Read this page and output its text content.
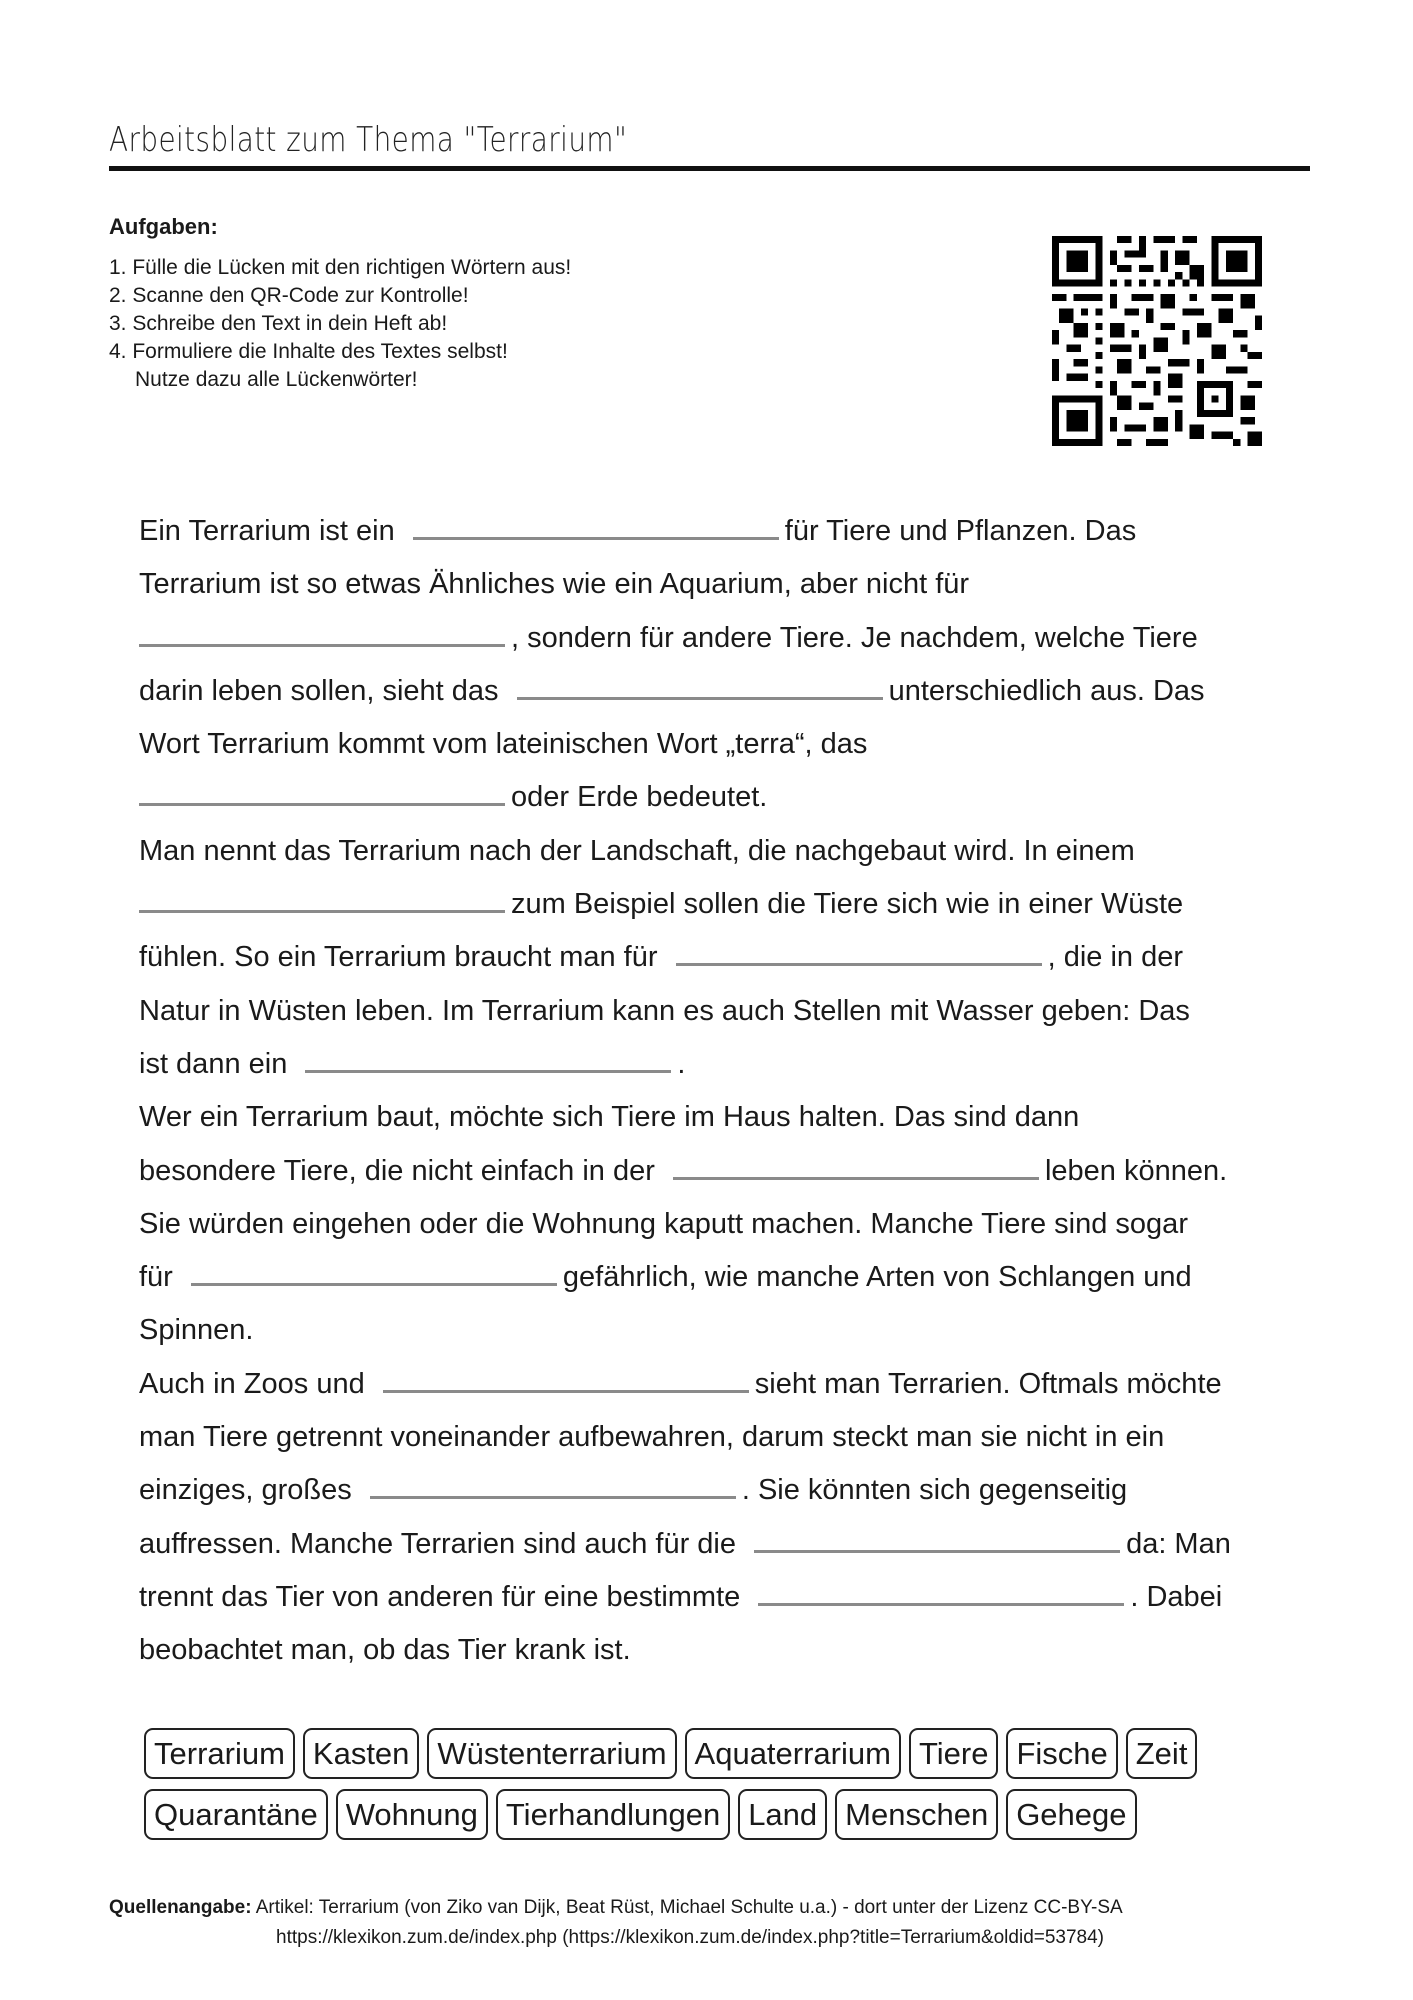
Arbeitsblatt zum Thema "Terrarium"
Aufgaben:
1. Fülle die Lücken mit den richtigen Wörtern aus!
2. Scanne den QR-Code zur Kontrolle!
3. Schreibe den Text in dein Heft ab!
4. Formuliere die Inhalte des Textes selbst!
Nutze dazu alle Lückenwörter!
Ein Terrarium ist ein	für Tiere und Pflanzen. Das
Terrarium ist so etwas Ähnliches wie ein Aquarium, aber nicht für
, sondern für andere Tiere. Je nachdem, welche Tiere
darin leben sollen, sieht das	unterschiedlich aus. Das
Wort Terrarium kommt vom lateinischen Wort „terra“, das
oder Erde bedeutet.
Man nennt das Terrarium nach der Landschaft, die nachgebaut wird. In einem
zum Beispiel sollen die Tiere sich wie in einer Wüste
fühlen. So ein Terrarium braucht man für	, die in der
Natur in Wüsten leben. Im Terrarium kann es auch Stellen mit Wasser geben: Das
ist dann ein	.
Wer ein Terrarium baut, möchte sich Tiere im Haus halten. Das sind dann
besondere Tiere, die nicht einfach in der	leben können.
Sie würden eingehen oder die Wohnung kaputt machen. Manche Tiere sind sogar
für	gefährlich, wie manche Arten von Schlangen und
Spinnen.
Auch in Zoos und	sieht man Terrarien. Oftmals möchte
man Tiere getrennt voneinander aufbewahren, darum steckt man sie nicht in ein
einziges, großes	. Sie könnten sich gegenseitig
auffressen. Manche Terrarien sind auch für die	da: Man
trennt das Tier von anderen für eine bestimmte	. Dabei
beobachtet man, ob das Tier krank ist.
Terrarium Kasten Wüstenterrarium Aquaterrarium Tiere Fische Zeit
Quarantäne Wohnung Tierhandlungen Land Menschen Gehege
Quellenangabe: Artikel: Terrarium (von Ziko van Dijk, Beat Rüst, Michael Schulte u.a.) - dort unter der Lizenz CC-BY-SA
https://klexikon.zum.de/index.php (https://klexikon.zum.de/index.php?title=Terrarium&oldid=53784)
